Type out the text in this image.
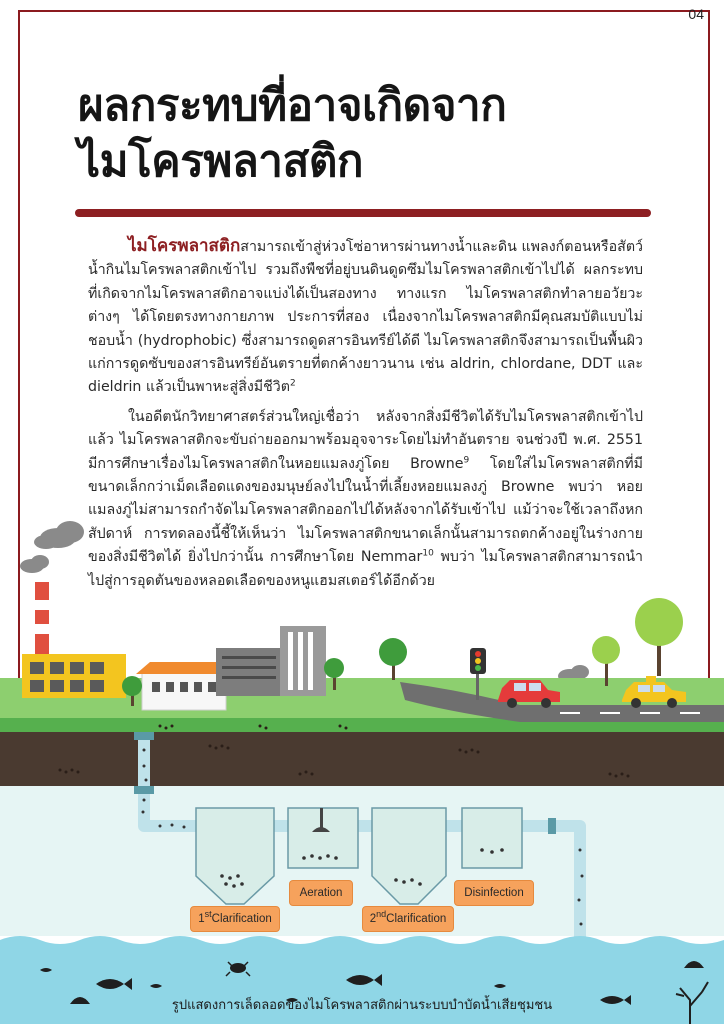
04
ผลกระทบที่อาจเกิดจาก
ไมโครพลาสติก
1stClarification
Aeration
2ndClarification
Disinfection

ไมโครพลาสติกสามารถเข้าสู่ห่วงโซ่อาหารผ่านทางน้ำและดิน แพลงก์ตอนหรือสัตว์น้ำกินไมโครพลาสติกเข้าไป รวมถึงพืชที่อยู่บนดินดูดซึมไมโครพลาสติกเข้าไปได้ ผลกระทบที่เกิดจากไมโครพลาสติกอาจแบ่งได้เป็นสองทาง ทางแรก ไมโครพลาสติกทำลายอวัยวะต่างๆ ได้โดยตรงทางกายภาพ ประการที่สอง เนื่องจากไมโครพลาสติกมีคุณสมบัติแบบไม่ชอบน้ำ (hydrophobic) ซึ่งสามารถดูดสารอินทรีย์ได้ดี ไมโครพลาสติกจึงสามารถเป็นพื้นผิวแก่การดูดซับของสารอินทรีย์อันตรายที่ตกค้างยาวนาน เช่น aldrin, chlordane, DDT และ dieldrin แล้วเป็นพาหะสู่สิ่งมีชีวิต$^2$

ในอดีตนักวิทยาศาสตร์ส่วนใหญ่เชื่อว่า หลังจากสิ่งมีชีวิตได้รับไมโครพลาสติกเข้าไปแล้ว ไมโครพลาสติกจะขับถ่ายออกมาพร้อมอุจจาระโดยไม่ทำอันตราย จนช่วงปี พ.ศ. 2551 มีการศึกษาเรื่องไมโครพลาสติกในหอยแมลงภู่โดย Browne$^9$ โดยใส่ไมโครพลาสติกที่มีขนาดเล็กกว่าเม็ดเลือดแดงของมนุษย์ลงไปในน้ำที่เลี้ยงหอยแมลงภู่ Browne พบว่า หอยแมลงภู่ไม่สามารถกำจัดไมโครพลาสติกออกไปได้หลังจากได้รับเข้าไป แม้ว่าจะใช้เวลาถึงหกสัปดาห์ การทดลองนี้ชี้ให้เห็นว่า ไมโครพลาสติกขนาดเล็กนั้นสามารถตกค้างอยู่ในร่างกายของสิ่งมีชีวิตได้ ยิ่งไปกว่านั้น การศึกษาโดย Nemmar$^{10}$ พบว่า ไมโครพลาสติกสามารถนำไปสู่การอุดตันของหลอดเลือดของหนูแฮมสเตอร์ได้อีกด้วย

รูปแสดงการเล็ดลอดของไมโครพลาสติกผ่านระบบบำบัดน้ำเสียชุมชน
